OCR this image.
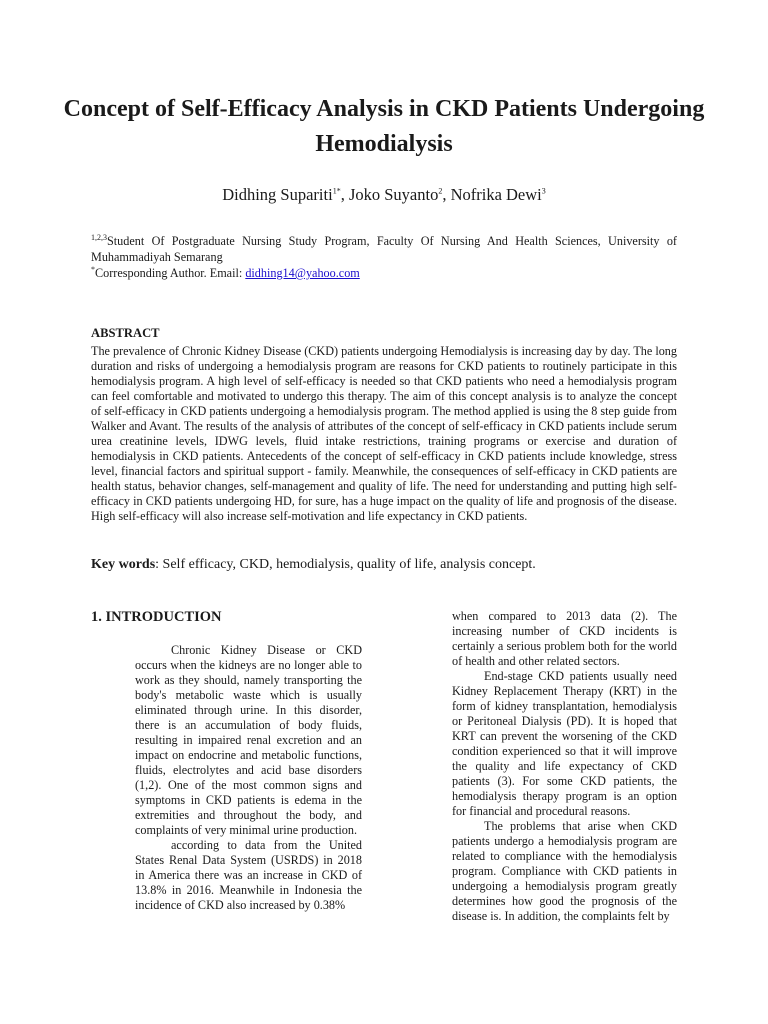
Concept of Self-Efficacy Analysis in CKD Patients Undergoing Hemodialysis
Didhing Supariti$^{1*}$, Joko Suyanto$^2$, Nofrika Dewi$^3$
$^{1,2,3}$Student Of Postgraduate Nursing Study Program, Faculty Of Nursing And Health Sciences, University of Muhammadiyah Semarang
*Corresponding Author. Email: didhing14@yahoo.com
ABSTRACT

The prevalence of Chronic Kidney Disease (CKD) patients undergoing Hemodialysis is increasing day by day. The long duration and risks of undergoing a hemodialysis program are reasons for CKD patients to routinely participate in this hemodialysis program. A high level of self-efficacy is needed so that CKD patients who need a hemodialysis program can feel comfortable and motivated to undergo this therapy. The aim of this concept analysis is to analyze the concept of self-efficacy in CKD patients undergoing a hemodialysis program. The method applied is using the 8 step guide from Walker and Avant. The results of the analysis of attributes of the concept of self-efficacy in CKD patients include serum urea creatinine levels, IDWG levels, fluid intake restrictions, training programs or exercise and duration of hemodialysis in CKD patients. Antecedents of the concept of self-efficacy in CKD patients include knowledge, stress level, financial factors and spiritual support - family. Meanwhile, the consequences of self-efficacy in CKD patients are health status, behavior changes, self-management and quality of life. The need for understanding and putting high self-efficacy in CKD patients undergoing HD, for sure, has a huge impact on the quality of life and prognosis of the disease. High self-efficacy will also increase self-motivation and life expectancy in CKD patients.

Key words: Self efficacy, CKD, hemodialysis, quality of life, analysis concept.
1. INTRODUCTION

Chronic Kidney Disease or CKD occurs when the kidneys are no longer able to work as they should, namely transporting the body's metabolic waste which is usually eliminated through urine. In this disorder, there is an accumulation of body fluids, resulting in impaired renal excretion and an impact on endocrine and metabolic functions, fluids, electrolytes and acid base disorders (1,2). One of the most common signs and symptoms in CKD patients is edema in the extremities and throughout the body, and complaints of very minimal urine production.

according to data from the United States Renal Data System (USRDS) in 2018 in America there was an increase in CKD of 13.8% in 2016. Meanwhile in Indonesia the incidence of CKD also increased by 0.38%

when compared to 2013 data (2). The increasing number of CKD incidents is certainly a serious problem both for the world of health and other related sectors.

End-stage CKD patients usually need Kidney Replacement Therapy (KRT) in the form of kidney transplantation, hemodialysis or Peritoneal Dialysis (PD). It is hoped that KRT can prevent the worsening of the CKD condition experienced so that it will improve the quality and life expectancy of CKD patients (3). For some CKD patients, the hemodialysis therapy program is an option for financial and procedural reasons.

The problems that arise when CKD patients undergo a hemodialysis program are related to compliance with the hemodialysis program. Compliance with CKD patients in undergoing a hemodialysis program greatly determines how good the prognosis of the disease is. In addition, the complaints felt by
